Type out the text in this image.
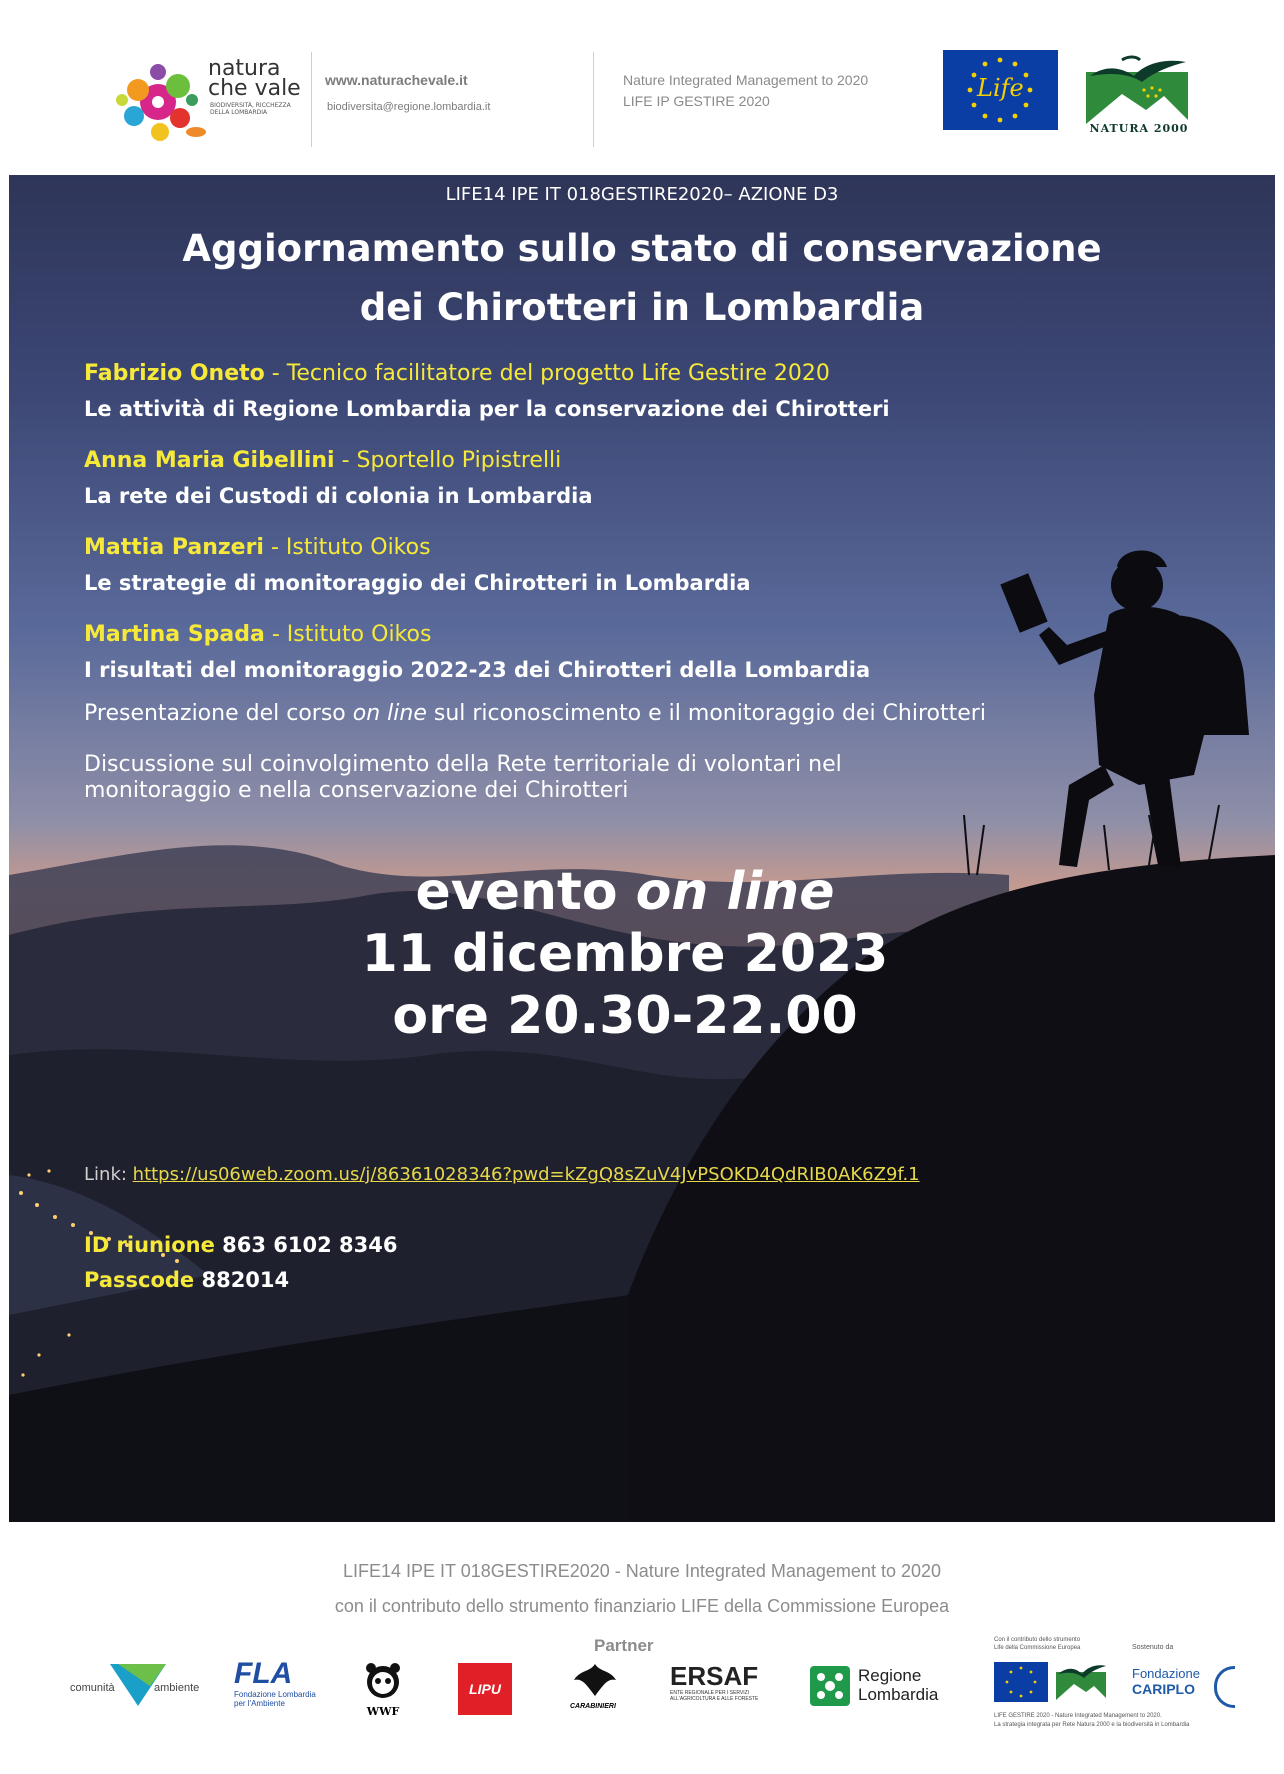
natura
che vale
BIODIVERSITÀ, RICCHEZZA DELLA LOMBARDIA
www.naturachevale.it
biodiversita@regione.lombardia.it
Nature Integrated Management to 2020
LIFE IP GESTIRE 2020	Life
NATURA 2000
LIFE14 IPE IT 018GESTIRE2020– AZIONE D3
Aggiornamento sullo stato di conservazione
dei Chirotteri in Lombardia
Fabrizio Oneto - Tecnico facilitatore del progetto Life Gestire 2020
Le attività di Regione Lombardia per la conservazione dei Chirotteri
Anna Maria Gibellini - Sportello Pipistrelli
La rete dei Custodi di colonia in Lombardia
Mattia Panzeri - Istituto Oikos
Le strategie di monitoraggio dei Chirotteri in Lombardia
Martina Spada - Istituto Oikos
I risultati del monitoraggio 2022-23 dei Chirotteri della Lombardia
Presentazione del corso on line sul riconoscimento e il monitoraggio dei Chirotteri
Discussione sul coinvolgimento della Rete territoriale di volontari nel
monitoraggio e nella conservazione dei Chirotteri
evento on line
11 dicembre 2023
ore 20.30-22.00
Link: https://us06web.zoom.us/j/86361028346?pwd=kZgQ8sZuV4JvPSOKD4QdRIB0AK6Z9f.1
ID riunione 863 6102 8346
Passcode 882014
LIFE14 IPE IT 018GESTIRE2020 - Nature Integrated Management to 2020
con il contributo dello strumento finanziario LIFE della Commissione Europea
Partner
comunità	ambiente FLA
Fondazione Lombardia
per l'Ambiente
WWF
LIPU
CARABINIERI
ERSAF
ENTE REGIONALE PER I SERVIZI
ALL'AGRICOLTURA E ALLE FORESTE
Regione
Lombardia
Con il contributo dello strumento
Life della Commissione Europea	Sostenuto da
Fondazione
CARIPLO
LIFE GESTIRE 2020 - Nature Integrated Management to 2020.
La strategia integrata per Rete Natura 2000 e la biodiversità in Lombardia
